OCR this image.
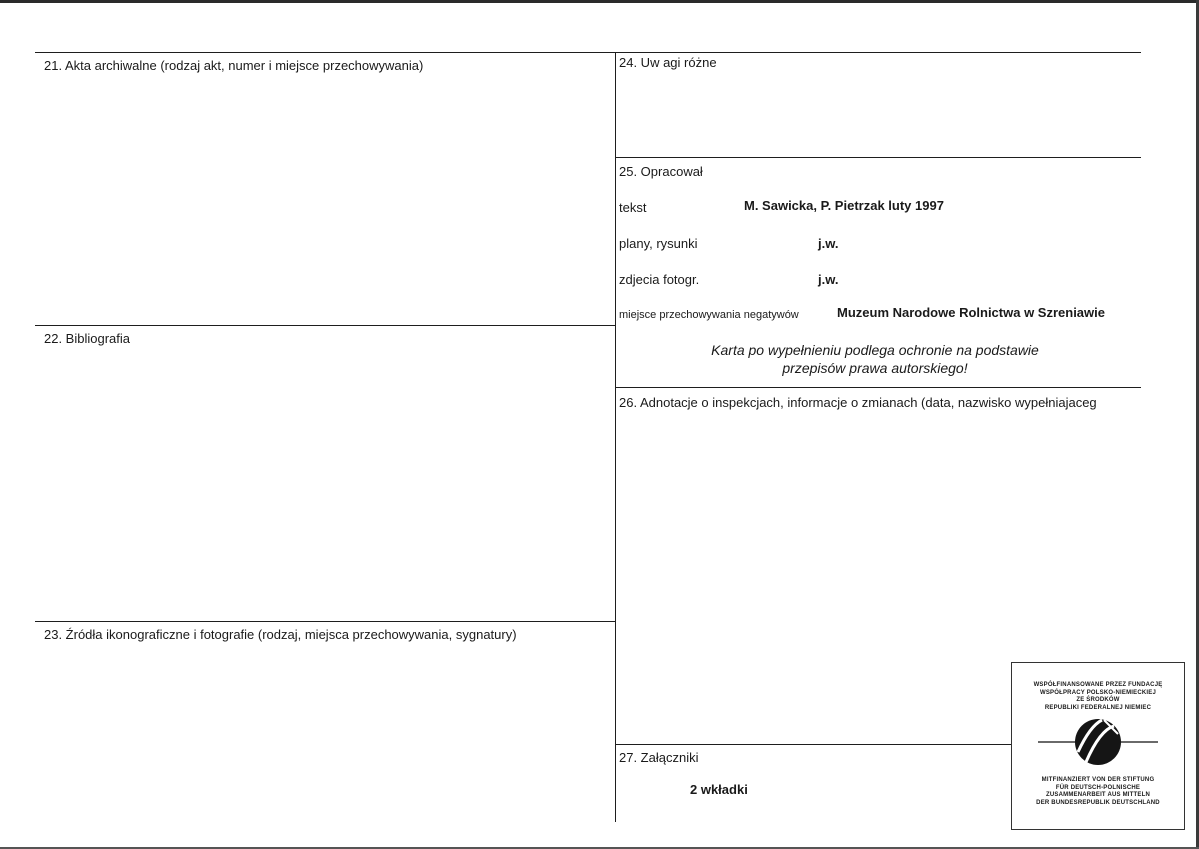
21. Akta archiwalne (rodzaj akt, numer i miejsce przechowywania)
22. Bibliografia
23. Źródła ikonograficzne i fotografie (rodzaj, miejsca przechowywania, sygnatury)
24. Uw agi różne
25. Opracował
tekst	M. Sawicka, P. Pietrzak luty 1997
plany, rysunki	j.w.
zdjecia fotogr.	j.w.
miejsce przechowywania negatywów	Muzeum Narodowe Rolnictwa w Szreniawie
Karta po wypełnieniu podlega ochronie na podstawie
przepisów prawa autorskiego!
26. Adnotacje o inspekcjach, informacje o zmianach (data, nazwisko wypełniajaceg
27. Załączniki
2 wkładki
WSPÓŁFINANSOWANE PRZEZ FUNDACJĘ
WSPÓŁPRACY POLSKO-NIEMIECKIEJ
ZE ŚRODKÓW
REPUBLIKI FEDERALNEJ NIEMIEC
MITFINANZIERT VON DER STIFTUNG
FÜR DEUTSCH-POLNISCHE
ZUSAMMENARBEIT AUS MITTELN
DER BUNDESREPUBLIK DEUTSCHLAND
